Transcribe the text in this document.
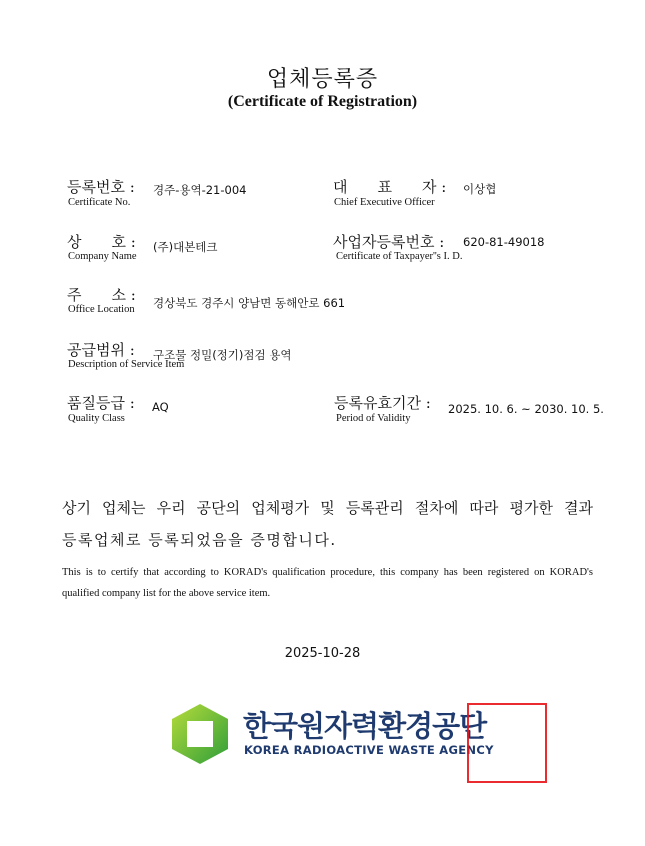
업체등록증
(Certificate of Registration)
등록번호 :
Certificate No.
경주-용역-21-004	대　　표　　자 :
Chief Executive Officer
이상협
상　　호 :
Company Name
(주)대본테크	사업자등록번호 :
Certificate of Taxpayer''s I. D.
620-81-49018
주　　소 :
Office Location 경상북도 경주시 양남면 동해안로 661
공급범위 :
Description of Service Item
구조물 정밀(정기)점검 용역
품질등급 :
Quality Class
AQ	등록유효기간 :
Period of Validity
2025. 10. 6. ~ 2030. 10. 5.
상기 업체는 우리 공단의 업체평가 및 등록관리 절차에 따라 평가한 결과
등록업체로 등록되었음을 증명합니다.
This is to certify that according to KORAD's qualification procedure, this company has been registered on KORAD's qualified company list for the above service item.
2025-10-28
한국원자력환경공단
KOREA RADIOACTIVE WASTE AGENCY
